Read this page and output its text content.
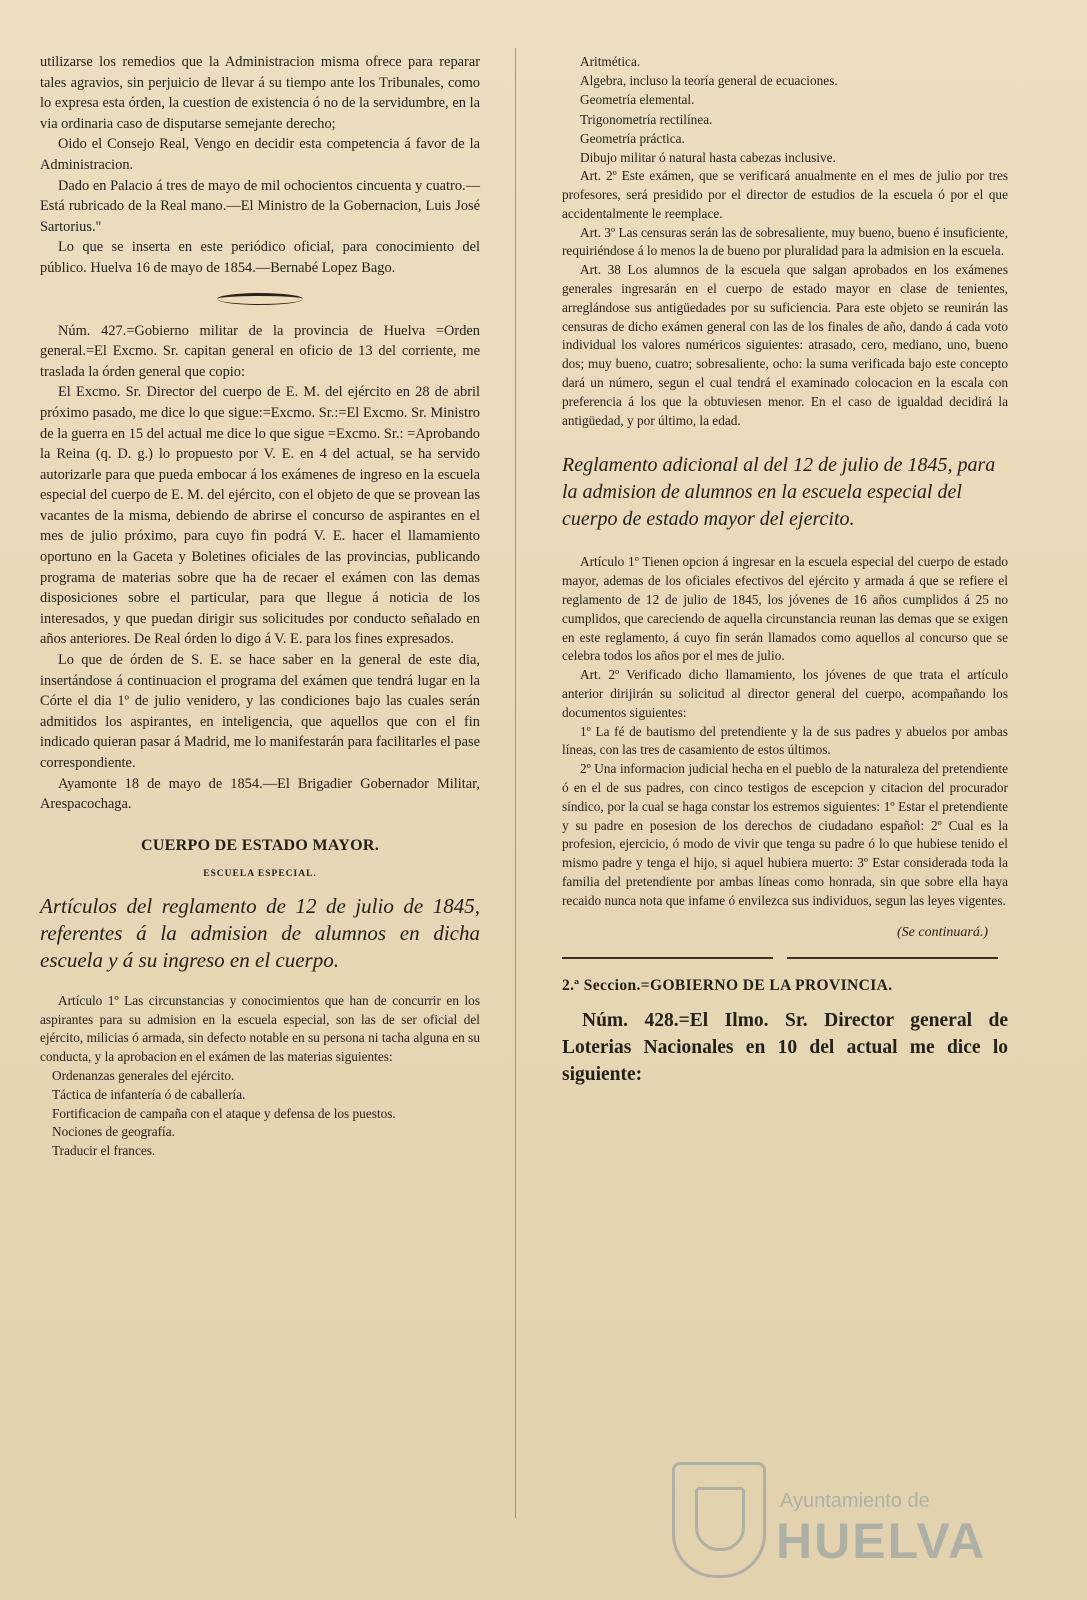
utilizarse los remedios que la Administracion misma ofrece para reparar tales agravios, sin perjuicio de llevar á su tiempo ante los Tribunales, como lo expresa esta órden, la cuestion de existencia ó no de la servidumbre, en la via ordinaria caso de disputarse semejante derecho;

Oido el Consejo Real, Vengo en decidir esta competencia á favor de la Administracion.

Dado en Palacio á tres de mayo de mil ochocientos cincuenta y cuatro.—Está rubricado de la Real mano.—El Ministro de la Gobernacion, Luis José Sartorius."

Lo que se inserta en este periódico oficial, para conocimiento del público. Huelva 16 de mayo de 1854.—Bernabé Lopez Bago.

Núm. 427.=Gobierno militar de la provincia de Huelva =Orden general.=El Excmo. Sr. capitan general en oficio de 13 del corriente, me traslada la órden general que copio:

El Excmo. Sr. Director del cuerpo de E. M. del ejército en 28 de abril próximo pasado, me dice lo que sigue:=Excmo. Sr.:=El Excmo. Sr. Ministro de la guerra en 15 del actual me dice lo que sigue =Excmo. Sr.: =Aprobando la Reina (q. D. g.) lo propuesto por V. E. en 4 del actual, se ha servido autorizarle para que pueda embocar á los exámenes de ingreso en la escuela especial del cuerpo de E. M. del ejército, con el objeto de que se provean las vacantes de la misma, debiendo de abrirse el concurso de aspirantes en el mes de julio próximo, para cuyo fin podrá V. E. hacer el llamamiento oportuno en la Gaceta y Boletines oficiales de las provincias, publicando programa de materias sobre que ha de recaer el exámen con las demas disposiciones sobre el particular, para que llegue á noticia de los interesados, y que puedan dirigir sus solicitudes por conducto señalado en años anteriores. De Real órden lo digo á V. E. para los fines expresados.

Lo que de órden de S. E. se hace saber en la general de este dia, insertándose á continuacion el programa del exámen que tendrá lugar en la Córte el dia 1º de julio venidero, y las condiciones bajo las cuales serán admitidos los aspirantes, en inteligencia, que aquellos que con el fin indicado quieran pasar á Madrid, me lo manifestarán para facilitarles el pase correspondiente.

Ayamonte 18 de mayo de 1854.—El Brigadier Gobernador Militar, Arespacochaga.

CUERPO DE ESTADO MAYOR.
ESCUELA ESPECIAL.
Artículos del reglamento de 12 de julio de 1845, referentes á la admision de alumnos en dicha escuela y á su ingreso en el cuerpo.

Artículo 1º Las circunstancias y conocimientos que han de concurrir en los aspirantes para su admision en la escuela especial, son las de ser oficial del ejército, milicias ó armada, sin defecto notable en su persona ni tacha alguna en su conducta, y la aprobacion en el exámen de las materias siguientes:

Ordenanzas generales del ejército.

Táctica de infantería ó de caballería.

Fortificacion de campaña con el ataque y defensa de los puestos.

Nociones de geografía.

Traducir el frances.

Aritmética.

Algebra, incluso la teoría general de ecuaciones.

Geometría elemental.

Trigonometría rectilínea.

Geometría práctica.

Dibujo militar ó natural hasta cabezas inclusive.

Art. 2º Este exámen, que se verificará anualmente en el mes de julio por tres profesores, será presidido por el director de estudios de la escuela ó por el que accidentalmente le reemplace.

Art. 3º Las censuras serán las de sobresaliente, muy bueno, bueno é insuficiente, requiriéndose á lo menos la de bueno por pluralidad para la admision en la escuela.

Art. 38 Los alumnos de la escuela que salgan aprobados en los exámenes generales ingresarán en el cuerpo de estado mayor en clase de tenientes, arreglándose sus antigüedades por su suficiencia. Para este objeto se reunirán las censuras de dicho exámen general con las de los finales de año, dando á cada voto individual los valores numéricos siguientes: atrasado, cero, mediano, uno, bueno dos; muy bueno, cuatro; sobresaliente, ocho: la suma verificada bajo este concepto dará un número, segun el cual tendrá el examinado colocacion en la escala con preferencia á los que la obtuviesen menor. En el caso de igualdad decidirá la antigüedad, y por último, la edad.

Reglamento adicional al del 12 de julio de 1845, para la admision de alumnos en la escuela especial del cuerpo de estado mayor del ejercito.

Artículo 1º Tienen opcion á ingresar en la escuela especial del cuerpo de estado mayor, ademas de los oficiales efectivos del ejército y armada á que se refiere el reglamento de 12 de julio de 1845, los jóvenes de 16 años cumplidos á 25 no cumplidos, que careciendo de aquella circunstancia reunan las demas que se exigen en este reglamento, á cuyo fin serán llamados como aquellos al concurso que se celebra todos los años por el mes de julio.

Art. 2º Verificado dicho llamamiento, los jóvenes de que trata el artículo anterior dirijirán su solicitud al director general del cuerpo, acompañando los documentos siguientes:

1º La fé de bautismo del pretendiente y la de sus padres y abuelos por ambas líneas, con las tres de casamiento de estos últimos.

2º Una informacion judicial hecha en el pueblo de la naturaleza del pretendiente ó en el de sus padres, con cinco testigos de escepcion y citacion del procurador síndico, por la cual se haga constar los estremos siguientes: 1º Estar el pretendiente y su padre en posesion de los derechos de ciudadano español: 2º Cual es la profesion, ejercicio, ó modo de vivir que tenga su padre ó lo que hubiese tenido el mismo padre y tenga el hijo, si aquel hubiera muerto: 3º Estar considerada toda la familia del pretendiente por ambas líneas como honrada, sin que sobre ella haya recaido nunca nota que infame ó envilezca sus individuos, segun las leyes vigentes.

(Se continuará.)
2.ª Seccion.=GOBIERNO DE LA PROVINCIA.

Núm. 428.=El Ilmo. Sr. Director general de Loterias Nacionales en 10 del actual me dice lo siguiente:

Ayuntamiento de
HUELVA
